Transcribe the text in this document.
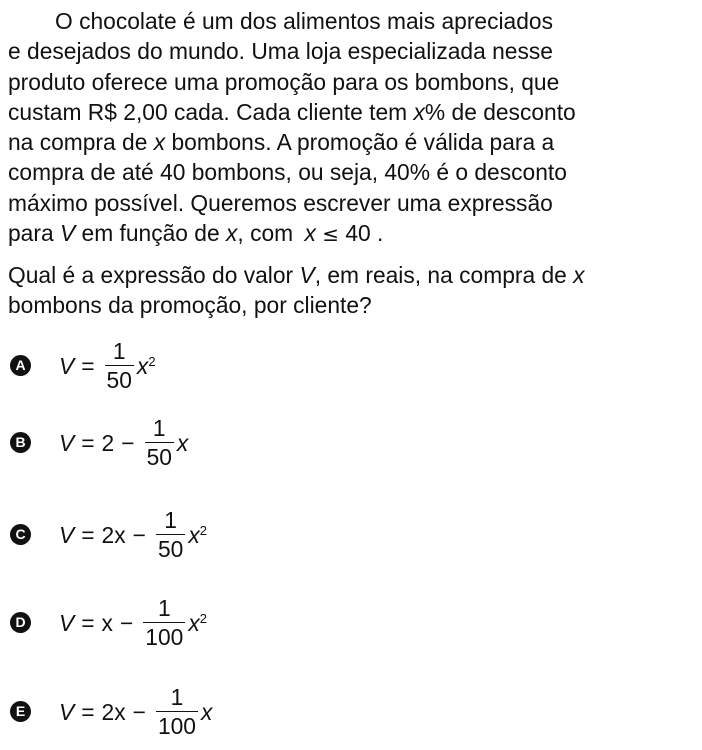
O chocolate é um dos alimentos mais apreciados
e desejados do mundo. Uma loja especializada nesse
produto oferece uma promoção para os bombons, que
custam R$ 2,00 cada. Cada cliente tem x% de desconto
na compra de x bombons. A promoção é válida para a
compra de até 40 bombons, ou seja, 40% é o desconto
máximo possível. Queremos escrever uma expressão
para V em função de x, com x ≤ 40 .
Qual é a expressão do valor V, em reais, na compra de x
bombons da promoção, por cliente?
A $V = \frac{1}{50} x^2$
B $V = 2 - \frac{1}{50}$ x
C $V = 2x - \frac{1}{50} x^2$
D $V = x - \frac{1}{100} x^2$
E $V = 2x - \frac{1}{100}$ x
